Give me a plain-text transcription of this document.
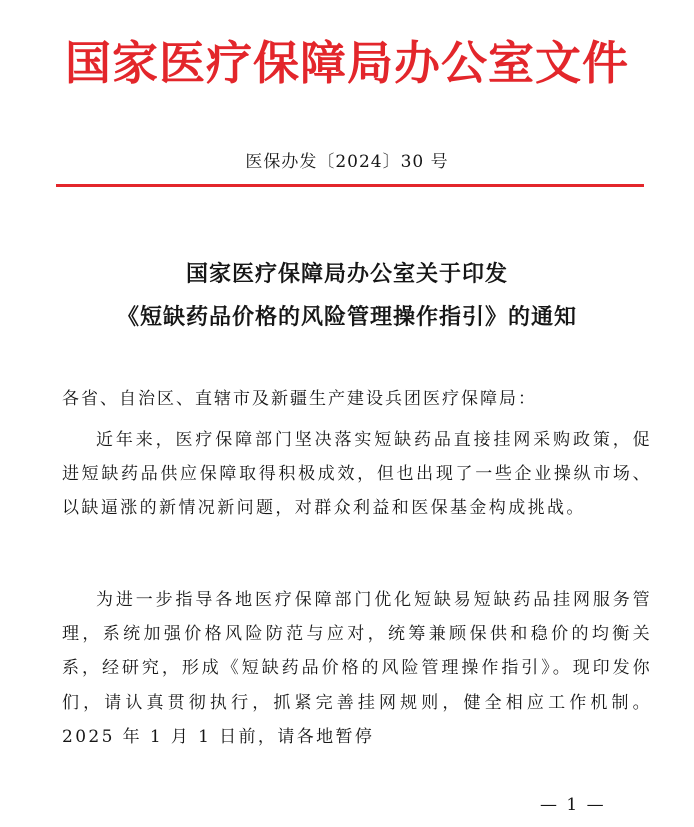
国家医疗保障局办公室文件
医保办发〔2024〕30 号
国家医疗保障局办公室关于印发
《短缺药品价格的风险管理操作指引》的通知
各省、自治区、直辖市及新疆生产建设兵团医疗保障局：
近年来，医疗保障部门坚决落实短缺药品直接挂网采购政策，促进短缺药品供应保障取得积极成效，但也出现了一些企业操纵市场、以缺逼涨的新情况新问题，对群众利益和医保基金构成挑战。
为进一步指导各地医疗保障部门优化短缺易短缺药品挂网服务管理，系统加强价格风险防范与应对，统筹兼顾保供和稳价的均衡关系，经研究，形成《短缺药品价格的风险管理操作指引》。现印发你们，请认真贯彻执行，抓紧完善挂网规则，健全相应工作机制。2025 年 1 月 1 日前，请各地暂停
— 1 —
